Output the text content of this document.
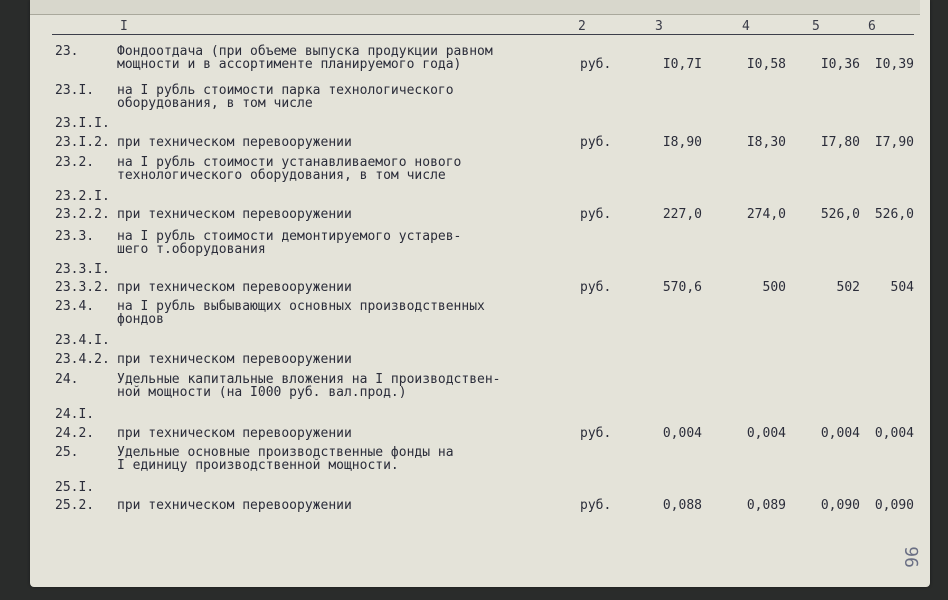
I	2	3	4	5	6
23.	Фондоотдача (при объеме выпуска продукции равном
мощности и в ассортименте планируемого года)	руб.	I0,7I	I0,58	I0,36	I0,39
23.I. на I рубль стоимости парка технологического
оборудования, в том числе
23.I.I.
23.I.2. при техническом перевооружении	руб.	I8,90	I8,30	I7,80	I7,90
23.2. на I рубль стоимости устанавливаемого нового
технологического оборудования, в том числе
23.2.I.
23.2.2. при техническом перевооружении	руб.	227,0	274,0	526,0	526,0
23.3. на I рубль стоимости демонтируемого устарев-
шего т.оборудования
23.3.I.
23.3.2. при техническом перевооружении	руб.	570,6	500	502	504
23.4. на I рубль выбывающих основных производственных
фондов
23.4.I.
23.4.2. при техническом перевооружении
24.	Удельные капитальные вложения на I производствен-
ной мощности (на I000 руб. вал.прод.)
24.I.
24.2. при техническом перевооружении	руб.	0,004	0,004	0,004	0,004
25.	Удельные основные производственные фонды на
I единицу производственной мощности.
25.I.
25.2. при техническом перевооружении	руб.	0,088	0,089	0,090	0,090
96
